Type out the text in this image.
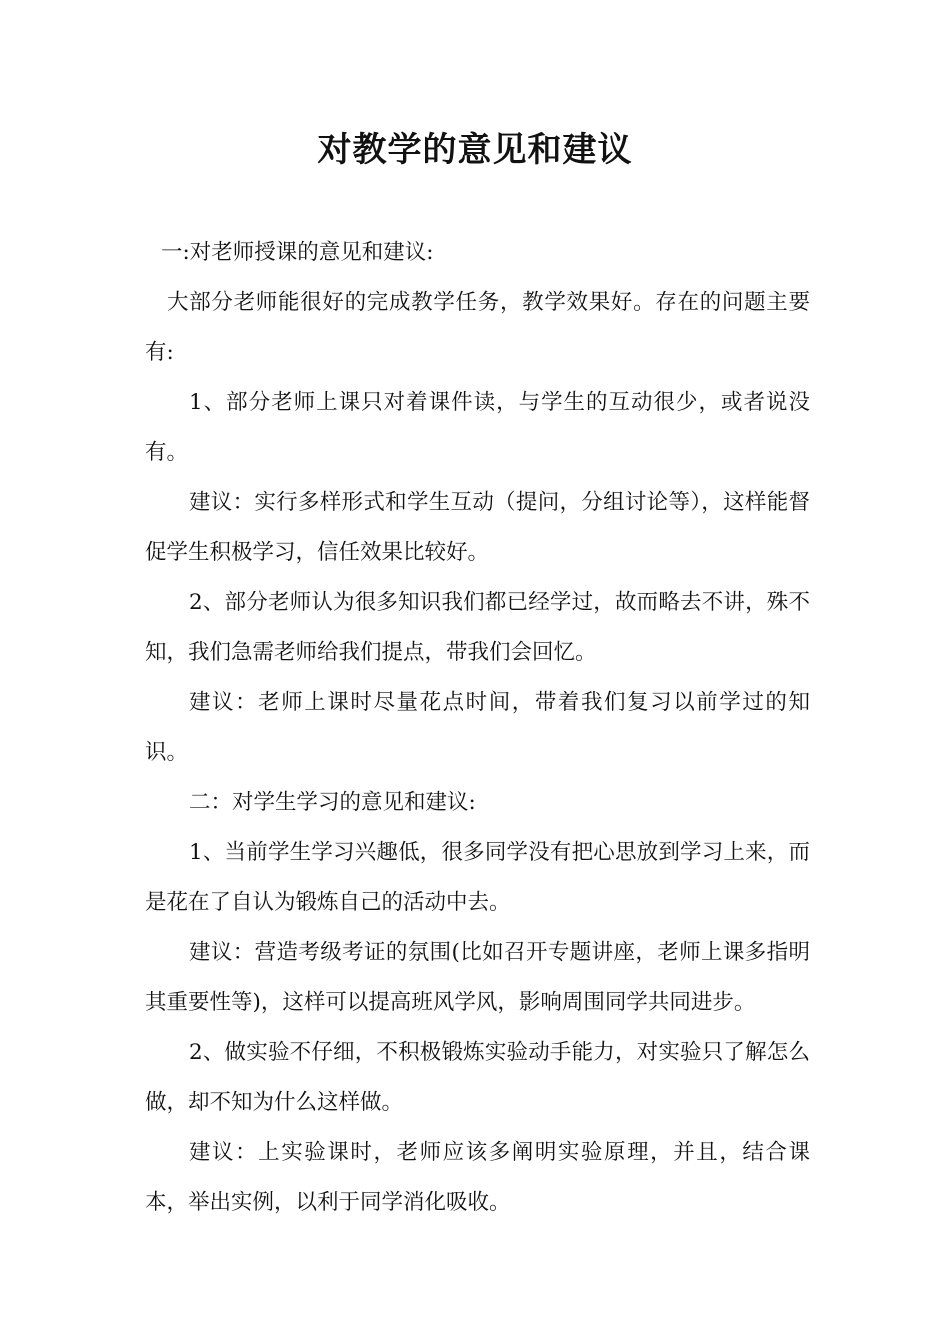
对教学的意见和建议

一:对老师授课的意见和建议:

大部分老师能很好的完成教学任务，教学效果好。存在的问题主要有:

1、部分老师上课只对着课件读，与学生的互动很少，或者说没有。

建议：实行多样形式和学生互动（提问，分组讨论等），这样能督促学生积极学习，信任效果比较好。

2、部分老师认为很多知识我们都已经学过，故而略去不讲，殊不知，我们急需老师给我们提点，带我们会回忆。

建议：老师上课时尽量花点时间，带着我们复习以前学过的知识。

二：对学生学习的意见和建议:

1、当前学生学习兴趣低，很多同学没有把心思放到学习上来，而是花在了自认为锻炼自己的活动中去。

建议：营造考级考证的氛围(比如召开专题讲座，老师上课多指明其重要性等)，这样可以提高班风学风，影响周围同学共同进步。

2、做实验不仔细，不积极锻炼实验动手能力，对实验只了解怎么做，却不知为什么这样做。

建议：上实验课时，老师应该多阐明实验原理，并且，结合课本，举出实例，以利于同学消化吸收。
